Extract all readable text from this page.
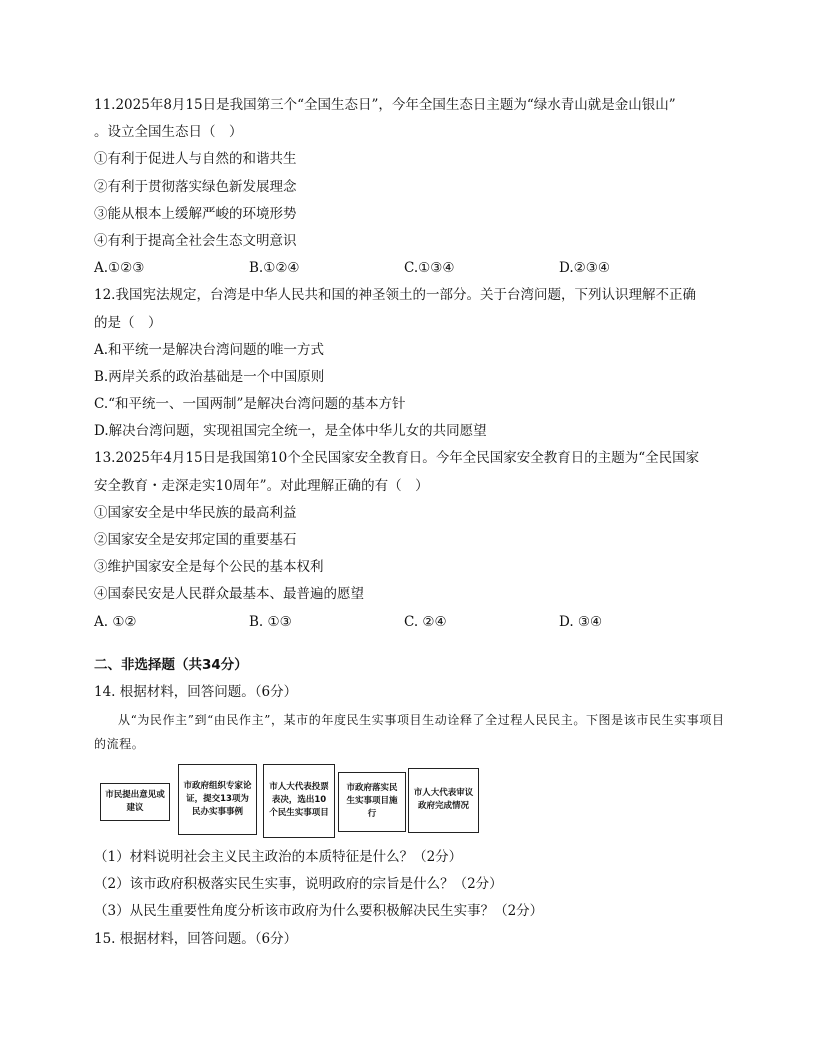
11.2025年8月15日是我国第三个“全国生态日”，今年全国生态日主题为“绿水青山就是金山银山”
。设立全国生态日（　）
①有利于促进人与自然的和谐共生
②有利于贯彻落实绿色新发展理念
③能从根本上缓解严峻的环境形势
④有利于提高全社会生态文明意识
A.①②③	B.①②④	C.①③④	D.②③④
12.我国宪法规定，台湾是中华人民共和国的神圣领土的一部分。关于台湾问题，下列认识理解不正确
的是（　）
A.和平统一是解决台湾问题的唯一方式
B.两岸关系的政治基础是一个中国原则
C.“和平统一、一国两制”是解决台湾问题的基本方针
D.解决台湾问题，实现祖国完全统一，是全体中华儿女的共同愿望
13.2025年4月15日是我国第10个全民国家安全教育日。今年全民国家安全教育日的主题为“全民国家
安全教育・走深走实10周年”。对此理解正确的有（　）
①国家安全是中华民族的最高利益
②国家安全是安邦定国的重要基石
③维护国家安全是每个公民的基本权利
④国泰民安是人民群众最基本、最普遍的愿望
A. ①②	B. ①③	C. ②④	D. ③④
二、非选择题（共34分）
14. 根据材料，回答问题。（6分）
从“为民作主”到“由民作主”，某市的年度民生实事项目生动诠释了全过程人民民主。下图是该市民生实事项目的流程。
市民提出意见或建议
市政府组织专家论证，提交13项为民办实事事例
市人大代表投票表决，选出10个民生实事项目
市政府落实民生实事项目施行
市人大代表审议政府完成情况
（1）材料说明社会主义民主政治的本质特征是什么？（2分）
（2）该市政府积极落实民生实事，说明政府的宗旨是什么？（2分）
（3）从民生重要性角度分析该市政府为什么要积极解决民生实事？（2分）
15. 根据材料，回答问题。（6分）
